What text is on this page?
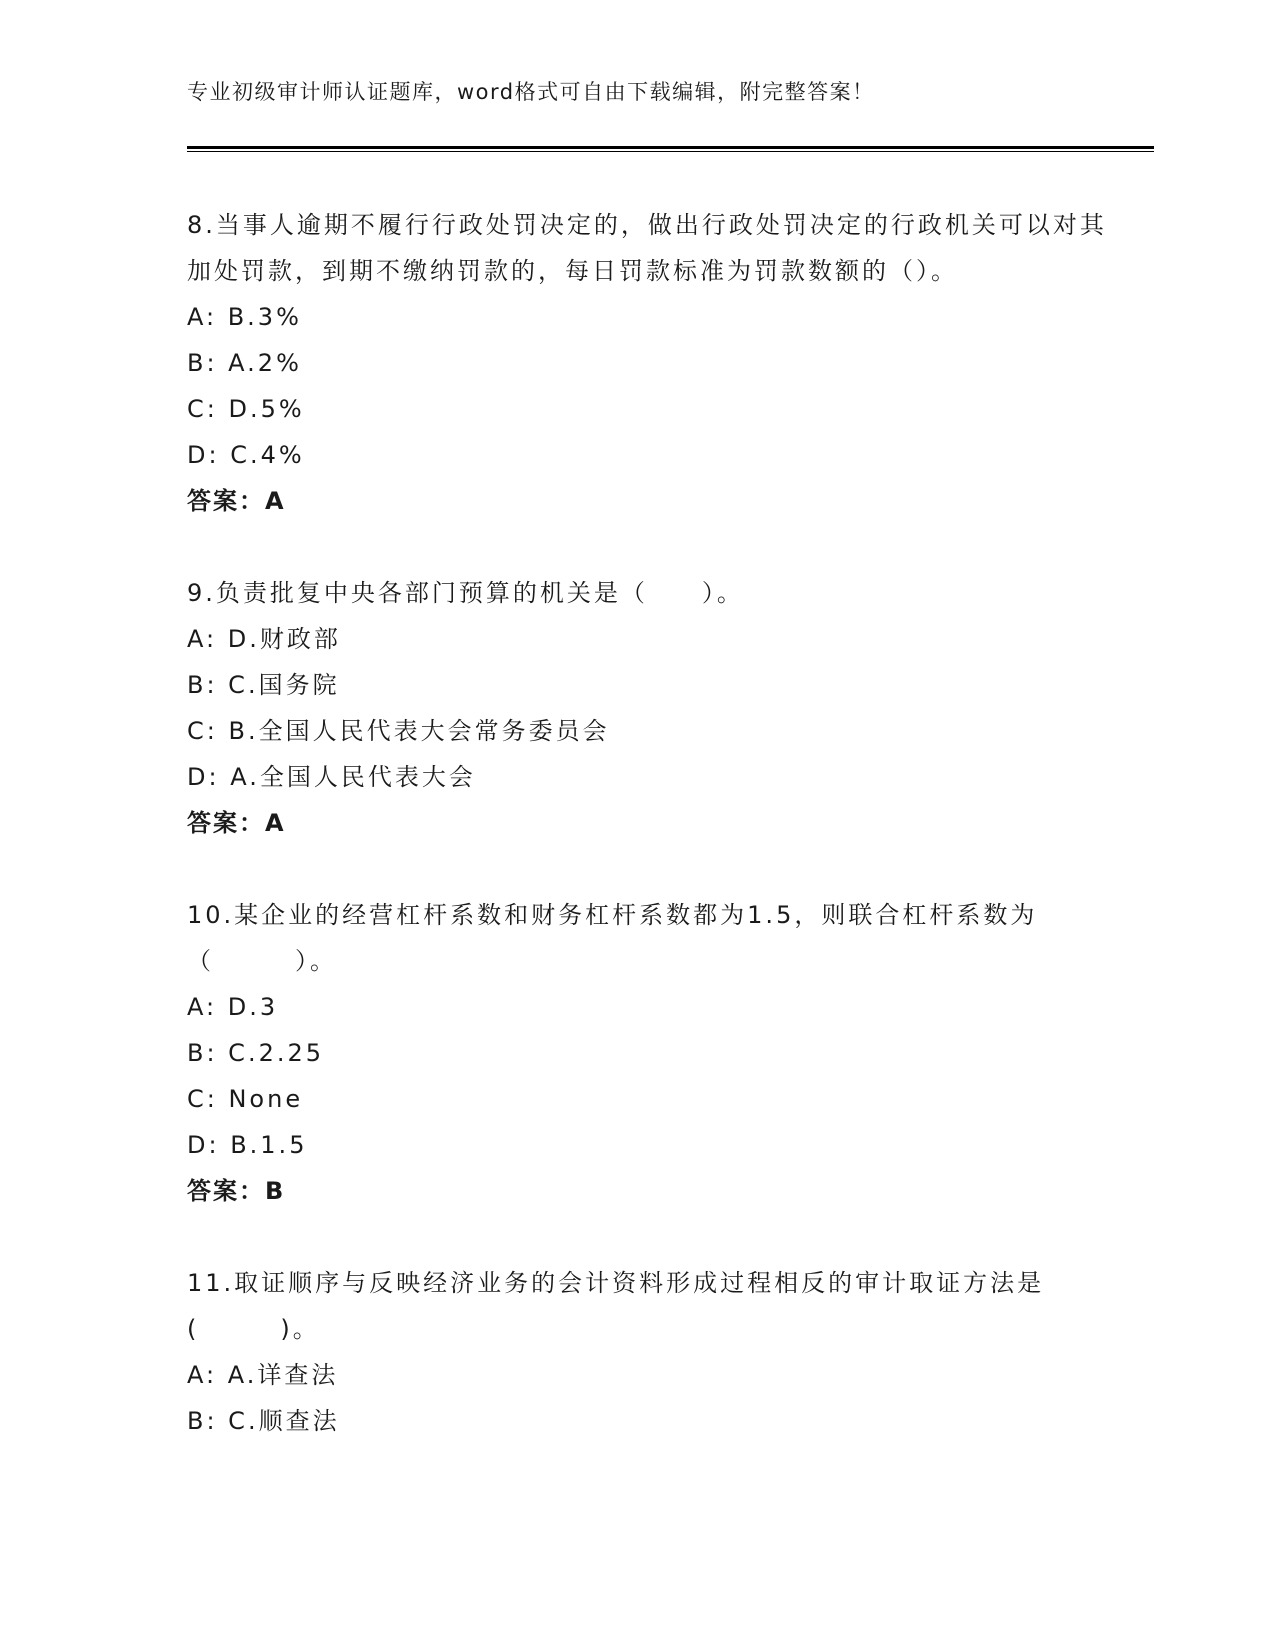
专业初级审计师认证题库，word格式可自由下载编辑，附完整答案！
8.当事人逾期不履行行政处罚决定的，做出行政处罚决定的行政机关可以对其加处罚款，到期不缴纳罚款的，每日罚款标准为罚款数额的（）。
A: B.3%
B: A.2%
C: D.5%
D: C.4%
答案：A
9.负责批复中央各部门预算的机关是（　　）。
A: D.财政部
B: C.国务院
C: B.全国人民代表大会常务委员会
D: A.全国人民代表大会
答案：A
10.某企业的经营杠杆系数和财务杠杆系数都为1.5，则联合杠杆系数为（　　　）。
A: D.3
B: C.2.25
C: None
D: B.1.5
答案：B
11.取证顺序与反映经济业务的会计资料形成过程相反的审计取证方法是(　　　)。
A: A.详查法
B: C.顺查法
